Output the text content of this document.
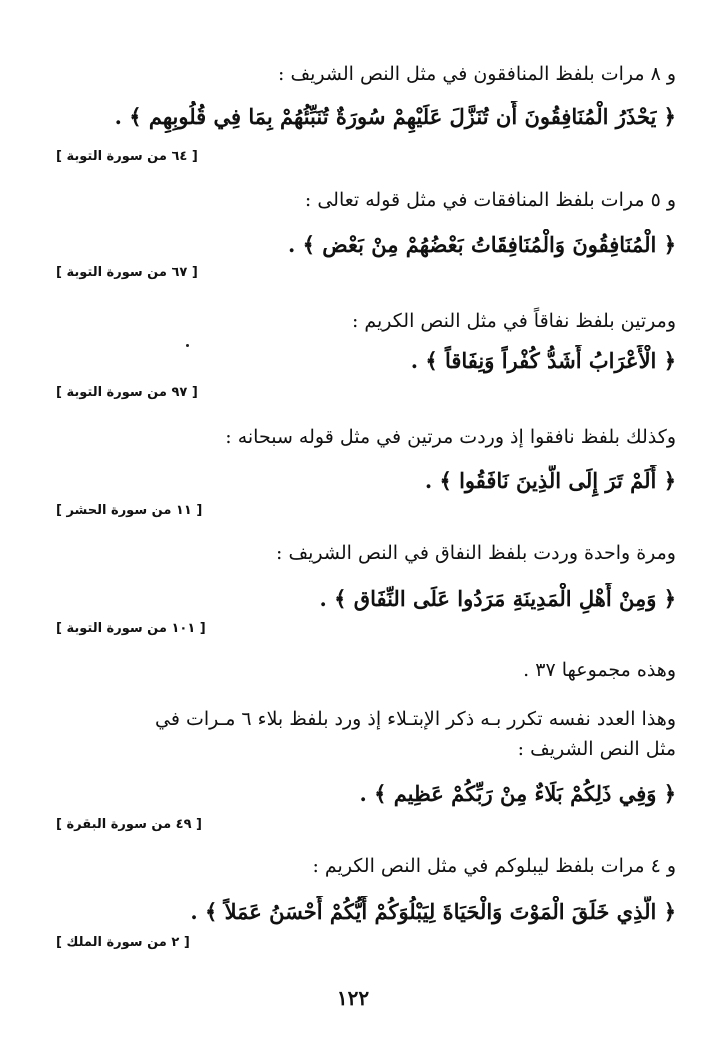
و ٨ مرات بلفظ المنافقون في مثل النص الشريف :
﴿ يَحْذَرُ الْمُنَافِقُونَ أَن تُنَزَّلَ عَلَيْهِمْ سُورَةٌ تُنَبِّئُهُمْ بِمَا فِي قُلُوبِهِم ﴾ .
[ ٦٤ من سورة التوبة ]
و ٥ مرات بلفظ المنافقات في مثل قوله تعالى :
﴿ الْمُنَافِقُونَ وَالْمُنَافِقَاتُ بَعْضُهُمْ مِنْ بَعْض ﴾ .
[ ٦٧ من سورة التوبة ]
ومرتين بلفظ نفاقاً في مثل النص الكريم :
﴿ الْأَعْرَابُ أَشَدُّ كُفْراً وَنِفَاقاً ﴾ .
[ ٩٧ من سورة التوبة ]
وكذلك بلفظ نافقوا إذ وردت مرتين في مثل قوله سبحانه :
﴿ أَلَمْ تَرَ إِلَى الَّذِينَ نَافَقُوا ﴾ .
[ ١١ من سورة الحشر ]
ومرة واحدة وردت بلفظ النفاق في النص الشريف :
﴿ وَمِنْ أَهْلِ الْمَدِينَةِ مَرَدُوا عَلَى النِّفَاق ﴾ .
[ ١٠١ من سورة التوبة ]
وهذه مجموعها ٣٧ .
وهذا العدد نفسه تكرر بـه ذكر الإبتـلاء إذ ورد بلفظ بلاء ٦ مـرات في
مثل النص الشريف :
﴿ وَفِي ذَلِكُمْ بَلَاءٌ مِنْ رَبِّكُمْ عَظِيم ﴾ .
[ ٤٩ من سورة البقرة ]
و ٤ مرات بلفظ ليبلوكم في مثل النص الكريم :
﴿ الَّذِي خَلَقَ الْمَوْتَ وَالْحَيَاةَ لِيَبْلُوَكُمْ أَيُّكُمْ أَحْسَنُ عَمَلاً ﴾ .
[ ٢ من سورة الملك ]
١٢٢
